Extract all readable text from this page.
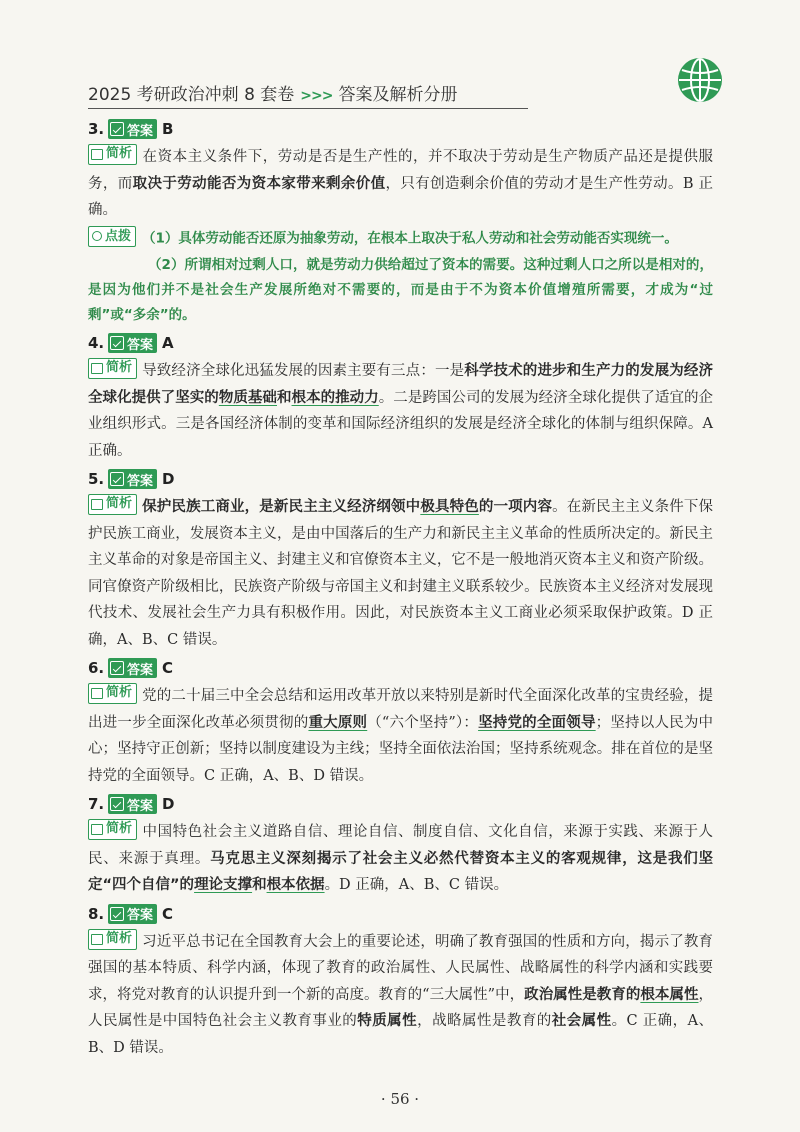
2025 考研政治冲刺 8 套卷 >>> 答案及解析分册
3. 答案 B

简析 在资本主义条件下，劳动是否是生产性的，并不取决于劳动是生产物质产品还是提供服务，而取决于劳动能否为资本家带来剩余价值，只有创造剩余价值的劳动才是生产性劳动。B 正确。

点拨 （1）具体劳动能否还原为抽象劳动，在根本上取决于私人劳动和社会劳动能否实现统一。

（2）所谓相对过剩人口，就是劳动力供给超过了资本的需要。这种过剩人口之所以是相对的，是因为他们并不是社会生产发展所绝对不需要的，而是由于不为资本价值增殖所需要，才成为“过剩”或“多余”的。

4. 答案 A

简析 导致经济全球化迅猛发展的因素主要有三点：一是科学技术的进步和生产力的发展为经济全球化提供了坚实的物质基础和根本的推动力。二是跨国公司的发展为经济全球化提供了适宜的企业组织形式。三是各国经济体制的变革和国际经济组织的发展是经济全球化的体制与组织保障。A 正确。

5. 答案 D

简析 保护民族工商业，是新民主主义经济纲领中极具特色的一项内容。在新民主主义条件下保护民族工商业，发展资本主义，是由中国落后的生产力和新民主主义革命的性质所决定的。新民主主义革命的对象是帝国主义、封建主义和官僚资本主义，它不是一般地消灭资本主义和资产阶级。同官僚资产阶级相比，民族资产阶级与帝国主义和封建主义联系较少。民族资本主义经济对发展现代技术、发展社会生产力具有积极作用。因此，对民族资本主义工商业必须采取保护政策。D 正确，A、B、C 错误。

6. 答案 C

简析 党的二十届三中全会总结和运用改革开放以来特别是新时代全面深化改革的宝贵经验，提出进一步全面深化改革必须贯彻的重大原则（“六个坚持”）：坚持党的全面领导；坚持以人民为中心；坚持守正创新；坚持以制度建设为主线；坚持全面依法治国；坚持系统观念。排在首位的是坚持党的全面领导。C 正确，A、B、D 错误。

7. 答案 D

简析 中国特色社会主义道路自信、理论自信、制度自信、文化自信，来源于实践、来源于人民、来源于真理。马克思主义深刻揭示了社会主义必然代替资本主义的客观规律，这是我们坚定“四个自信”的理论支撑和根本依据。D 正确，A、B、C 错误。

8. 答案 C

简析 习近平总书记在全国教育大会上的重要论述，明确了教育强国的性质和方向，揭示了教育强国的基本特质、科学内涵，体现了教育的政治属性、人民属性、战略属性的科学内涵和实践要求，将党对教育的认识提升到一个新的高度。教育的“三大属性”中，政治属性是教育的根本属性，人民属性是中国特色社会主义教育事业的特质属性，战略属性是教育的社会属性。C 正确，A、B、D 错误。

· 56 ·
